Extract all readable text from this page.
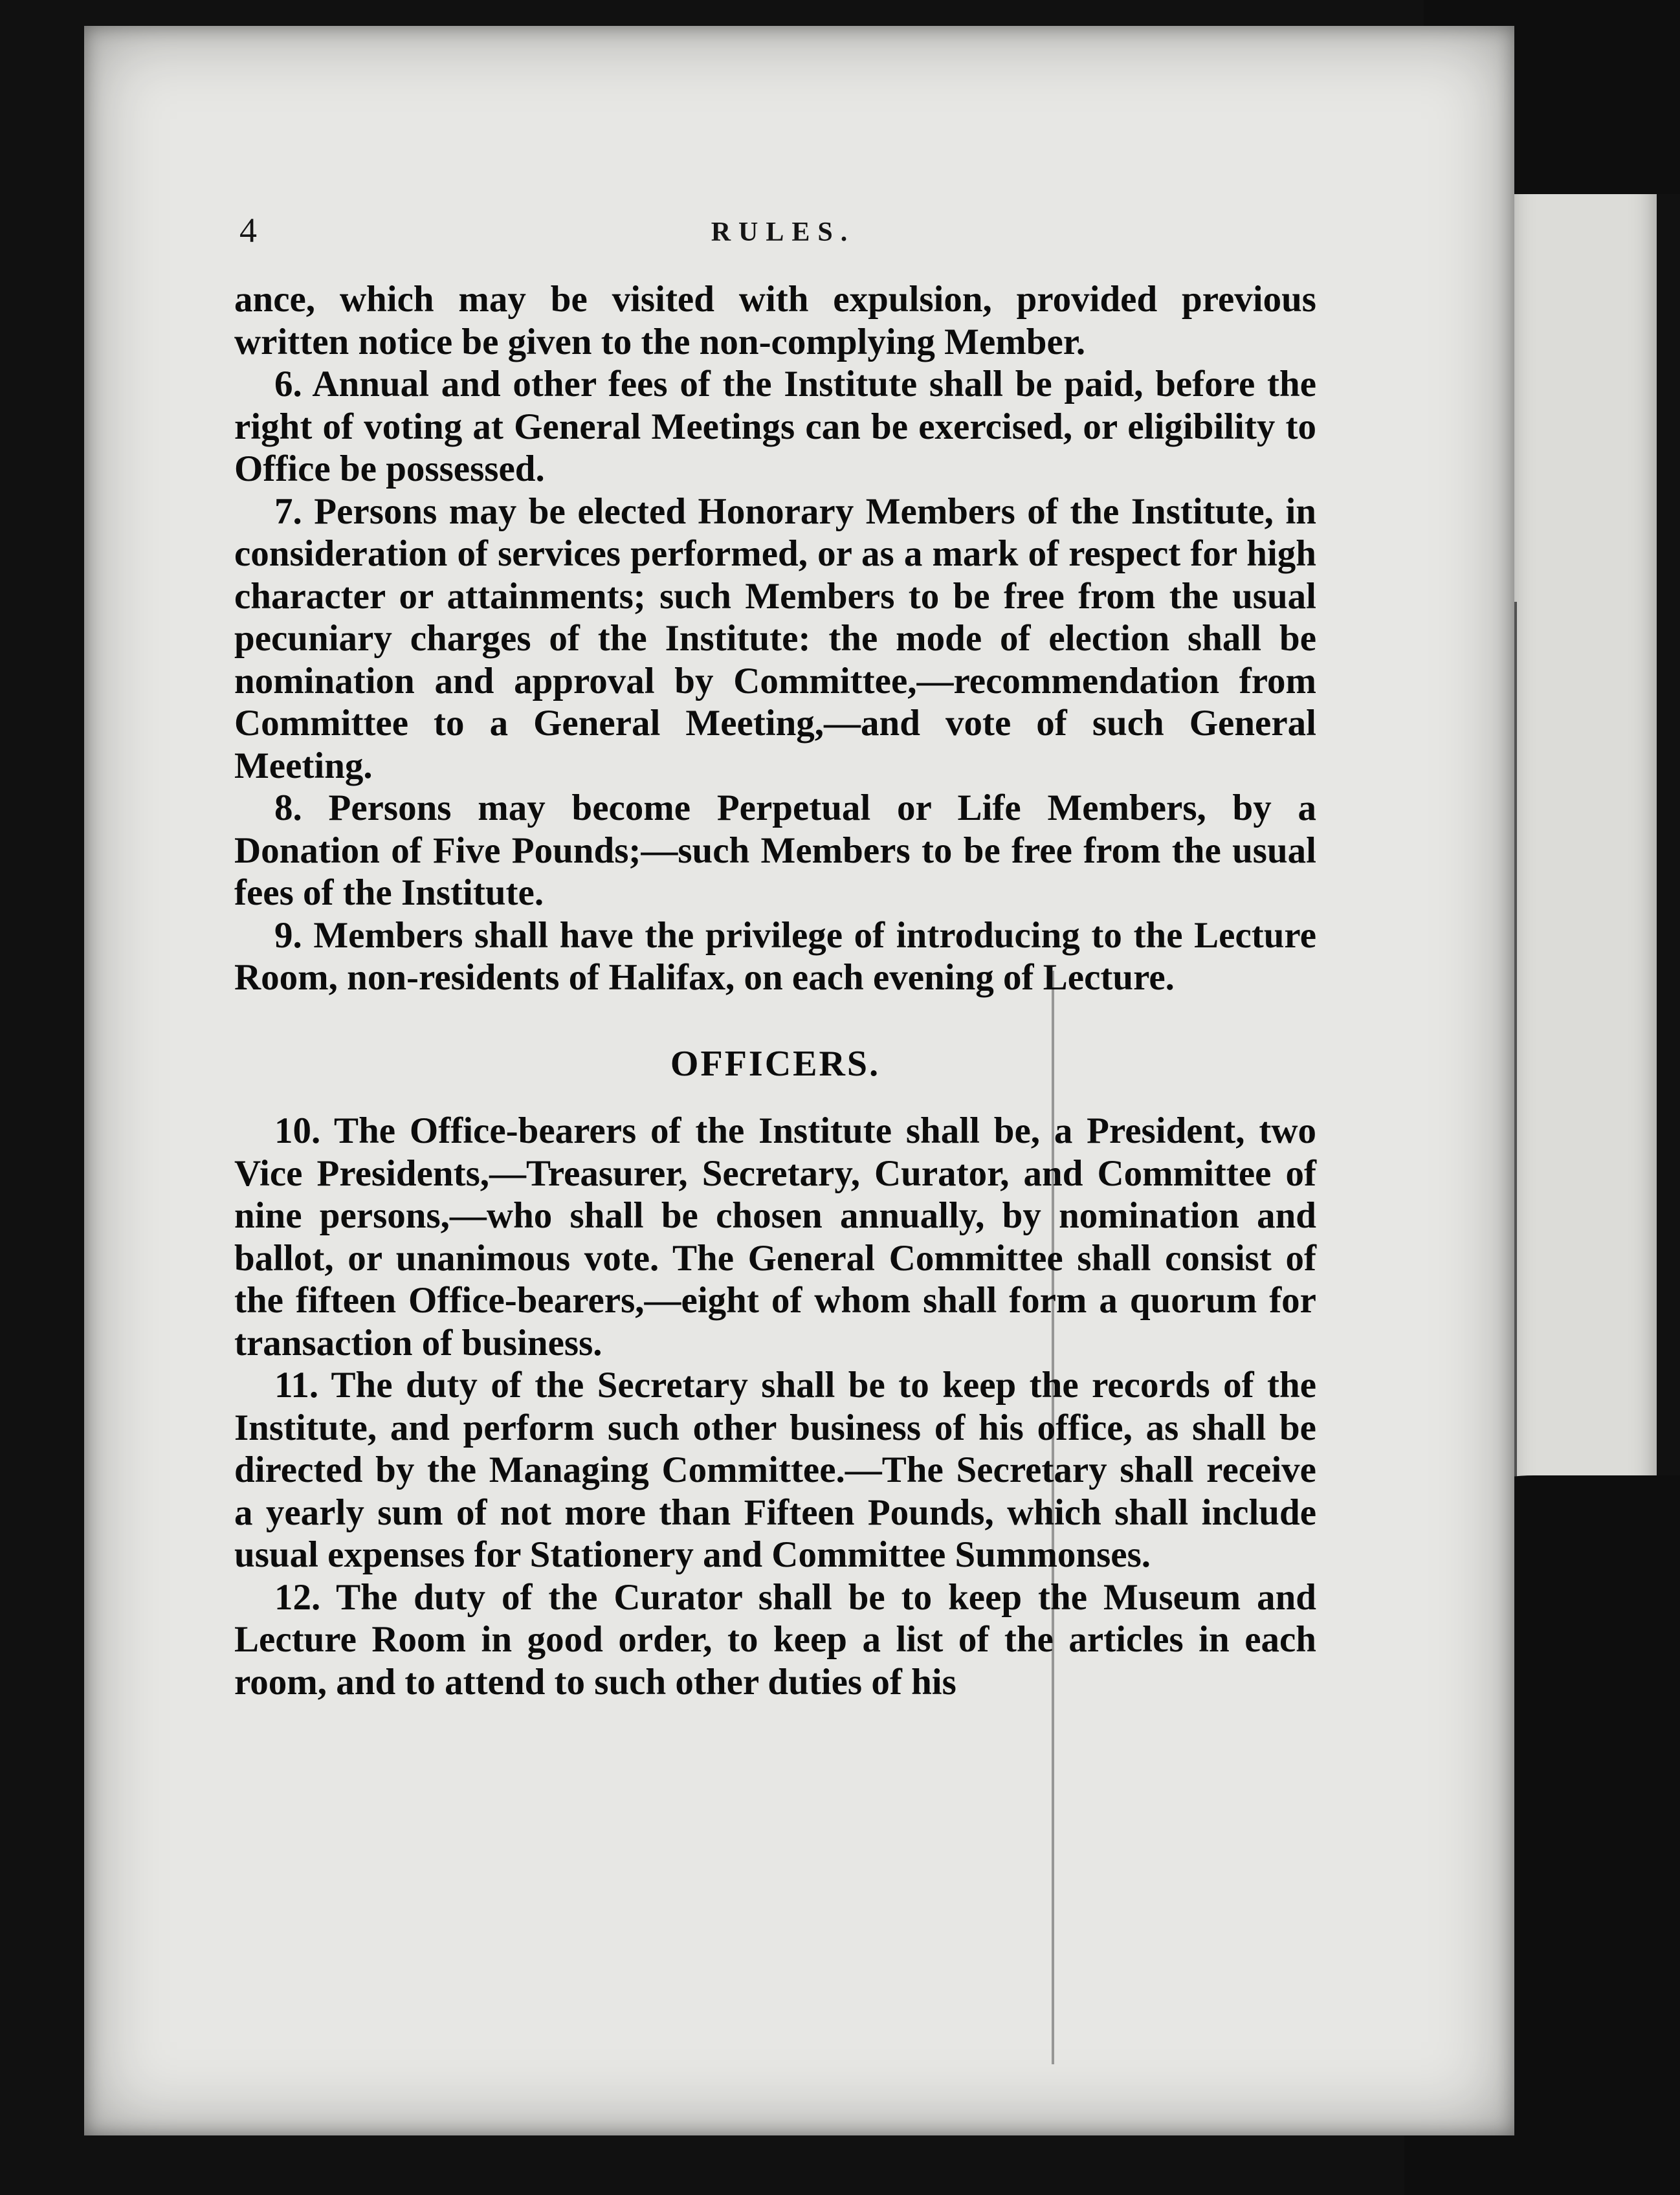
4	RULES.

ance, which may be visited with expulsion, provided previous written notice be given to the non-complying Member.

6. Annual and other fees of the Institute shall be paid, before the right of voting at General Meetings can be exercised, or eligibility to Office be possessed.

7. Persons may be elected Honorary Members of the Institute, in consideration of services performed, or as a mark of respect for high character or attainments; such Members to be free from the usual pecuniary charges of the Institute: the mode of election shall be nomination and approval by Committee,—recommendation from Committee to a General Meeting,—and vote of such General Meeting.

8. Persons may become Perpetual or Life Members, by a Donation of Five Pounds;—such Members to be free from the usual fees of the Institute.

9. Members shall have the privilege of introducing to the Lecture Room, non-residents of Halifax, on each evening of Lecture.

OFFICERS.

10. The Office-bearers of the Institute shall be, a President, two Vice Presidents,—Treasurer, Secretary, Curator, and Committee of nine persons,—who shall be chosen annually, by nomination and ballot, or unanimous vote. The General Committee shall consist of the fifteen Office-bearers,—eight of whom shall form a quorum for transaction of business.

11. The duty of the Secretary shall be to keep the records of the Institute, and perform such other business of his office, as shall be directed by the Managing Committee.—The Secretary shall receive a yearly sum of not more than Fifteen Pounds, which shall include usual expenses for Stationery and Committee Summonses.

12. The duty of the Curator shall be to keep the Museum and Lecture Room in good order, to keep a list of the articles in each room, and to attend to such other duties of his
